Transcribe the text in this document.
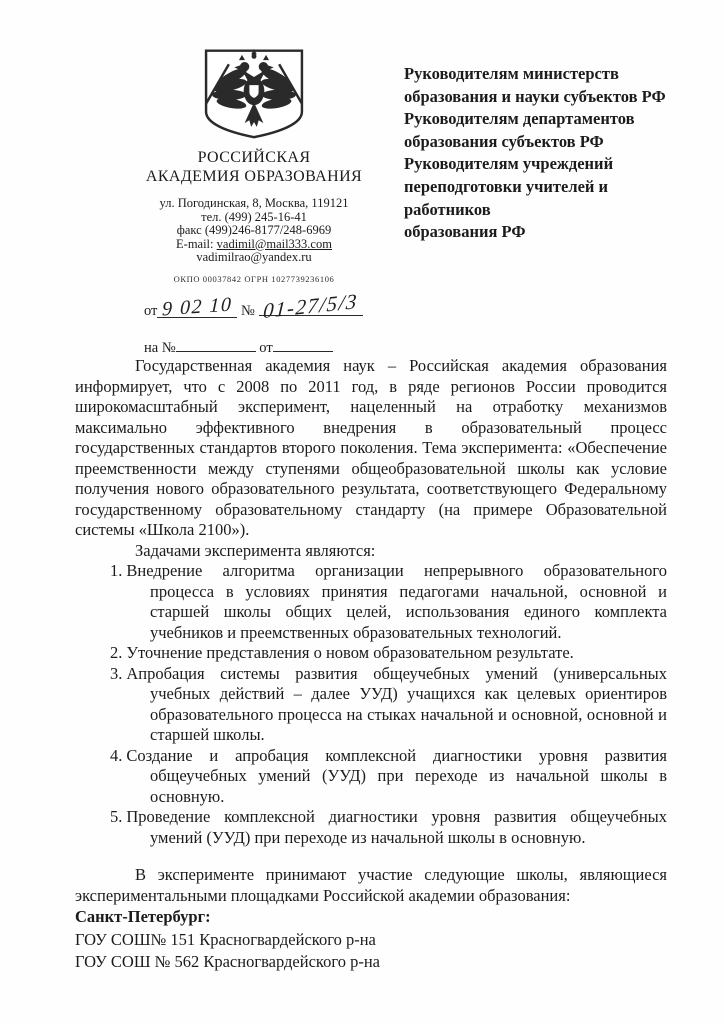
РОССИЙСКАЯ
АКАДЕМИЯ ОБРАЗОВАНИЯ
ул. Погодинская, 8, Москва, 119121
тел. (499) 245-16-41
факс (499)246-8177/248-6969
E-mail: vadimil@mail333.com
vadimilrao@yandex.ru
ОКПО 00037842 ОГРН 1027739236106
от 9 02 10 № 01-27/5/3
на №	от
Руководителям министерств
образования и науки субъектов РФ
Руководителям департаментов
образования субъектов РФ
Руководителям учреждений
переподготовки учителей и
работников
образования РФ

Государственная академия наук – Российская академия образования информирует, что с 2008 по 2011 год, в ряде регионов России проводится широкомасштабный эксперимент, нацеленный на отработку механизмов максимально эффективного внедрения в образовательный процесс государственных стандартов второго поколения. Тема эксперимента: «Обеспечение преемственности между ступенями общеобразовательной школы как условие получения нового образовательного результата, соответствующего Федеральному государственному образовательному стандарту (на примере Образовательной системы «Школа 2100»).

Задачами эксперимента являются:

1. Внедрение алгоритма организации непрерывного образовательного процесса в условиях принятия педагогами начальной, основной и старшей школы общих целей, использования единого комплекта учебников и преемственных образовательных технологий.
2. Уточнение представления о новом образовательном результате.
3. Апробация системы развития общеучебных умений (универсальных учебных действий – далее УУД) учащихся как целевых ориентиров образовательного процесса на стыках начальной и основной, основной и старшей школы.
4. Создание и апробация комплексной диагностики уровня развития общеучебных умений (УУД) при переходе из начальной школы в основную.
5. Проведение комплексной диагностики уровня развития общеучебных умений (УУД) при переходе из начальной школы в основную.

В эксперименте принимают участие следующие школы, являющиеся экспериментальными площадками Российской академии образования:

Санкт-Петербург:
ГОУ СОШ№ 151 Красногвардейского р-на
ГОУ СОШ № 562 Красногвардейского р-на
